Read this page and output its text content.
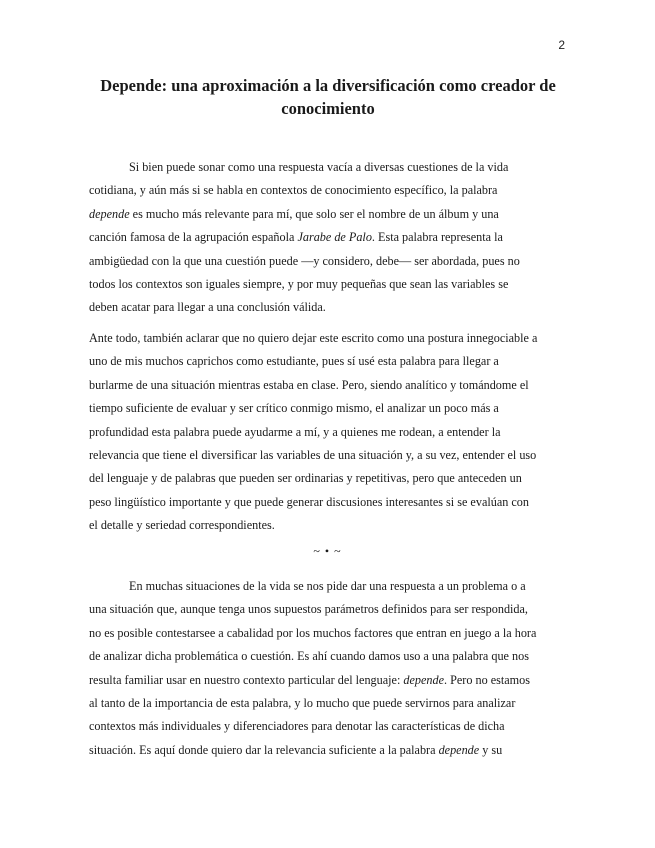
2
Depende: una aproximación a la diversificación como creador de
conocimiento
Si bien puede sonar como una respuesta vacía a diversas cuestiones de la vida
cotidiana, y aún más si se habla en contextos de conocimiento específico, la palabra
depende es mucho más relevante para mí, que solo ser el nombre de un álbum y una
canción famosa de la agrupación española Jarabe de Palo. Esta palabra representa la
ambigüedad con la que una cuestión puede —y considero, debe— ser abordada, pues no
todos los contextos son iguales siempre, y por muy pequeñas que sean las variables se
deben acatar para llegar a una conclusión válida.
Ante todo, también aclarar que no quiero dejar este escrito como una postura innegociable a
uno de mis muchos caprichos como estudiante, pues sí usé esta palabra para llegar a
burlarme de una situación mientras estaba en clase. Pero, siendo analítico y tomándome el
tiempo suficiente de evaluar y ser crítico conmigo mismo, el analizar un poco más a
profundidad esta palabra puede ayudarme a mí, y a quienes me rodean, a entender la
relevancia que tiene el diversificar las variables de una situación y, a su vez, entender el uso
del lenguaje y de palabras que pueden ser ordinarias y repetitivas, pero que anteceden un
peso lingüístico importante y que puede generar discusiones interesantes si se evalúan con
el detalle y seriedad correspondientes.
~ • ~
En muchas situaciones de la vida se nos pide dar una respuesta a un problema o a
una situación que, aunque tenga unos supuestos parámetros definidos para ser respondida,
no es posible contestarsee a cabalidad por los muchos factores que entran en juego a la hora
de analizar dicha problemática o cuestión. Es ahí cuando damos uso a una palabra que nos
resulta familiar usar en nuestro contexto particular del lenguaje: depende. Pero no estamos
al tanto de la importancia de esta palabra, y lo mucho que puede servirnos para analizar
contextos más individuales y diferenciadores para denotar las características de dicha
situación. Es aquí donde quiero dar la relevancia suficiente a la palabra depende y su
